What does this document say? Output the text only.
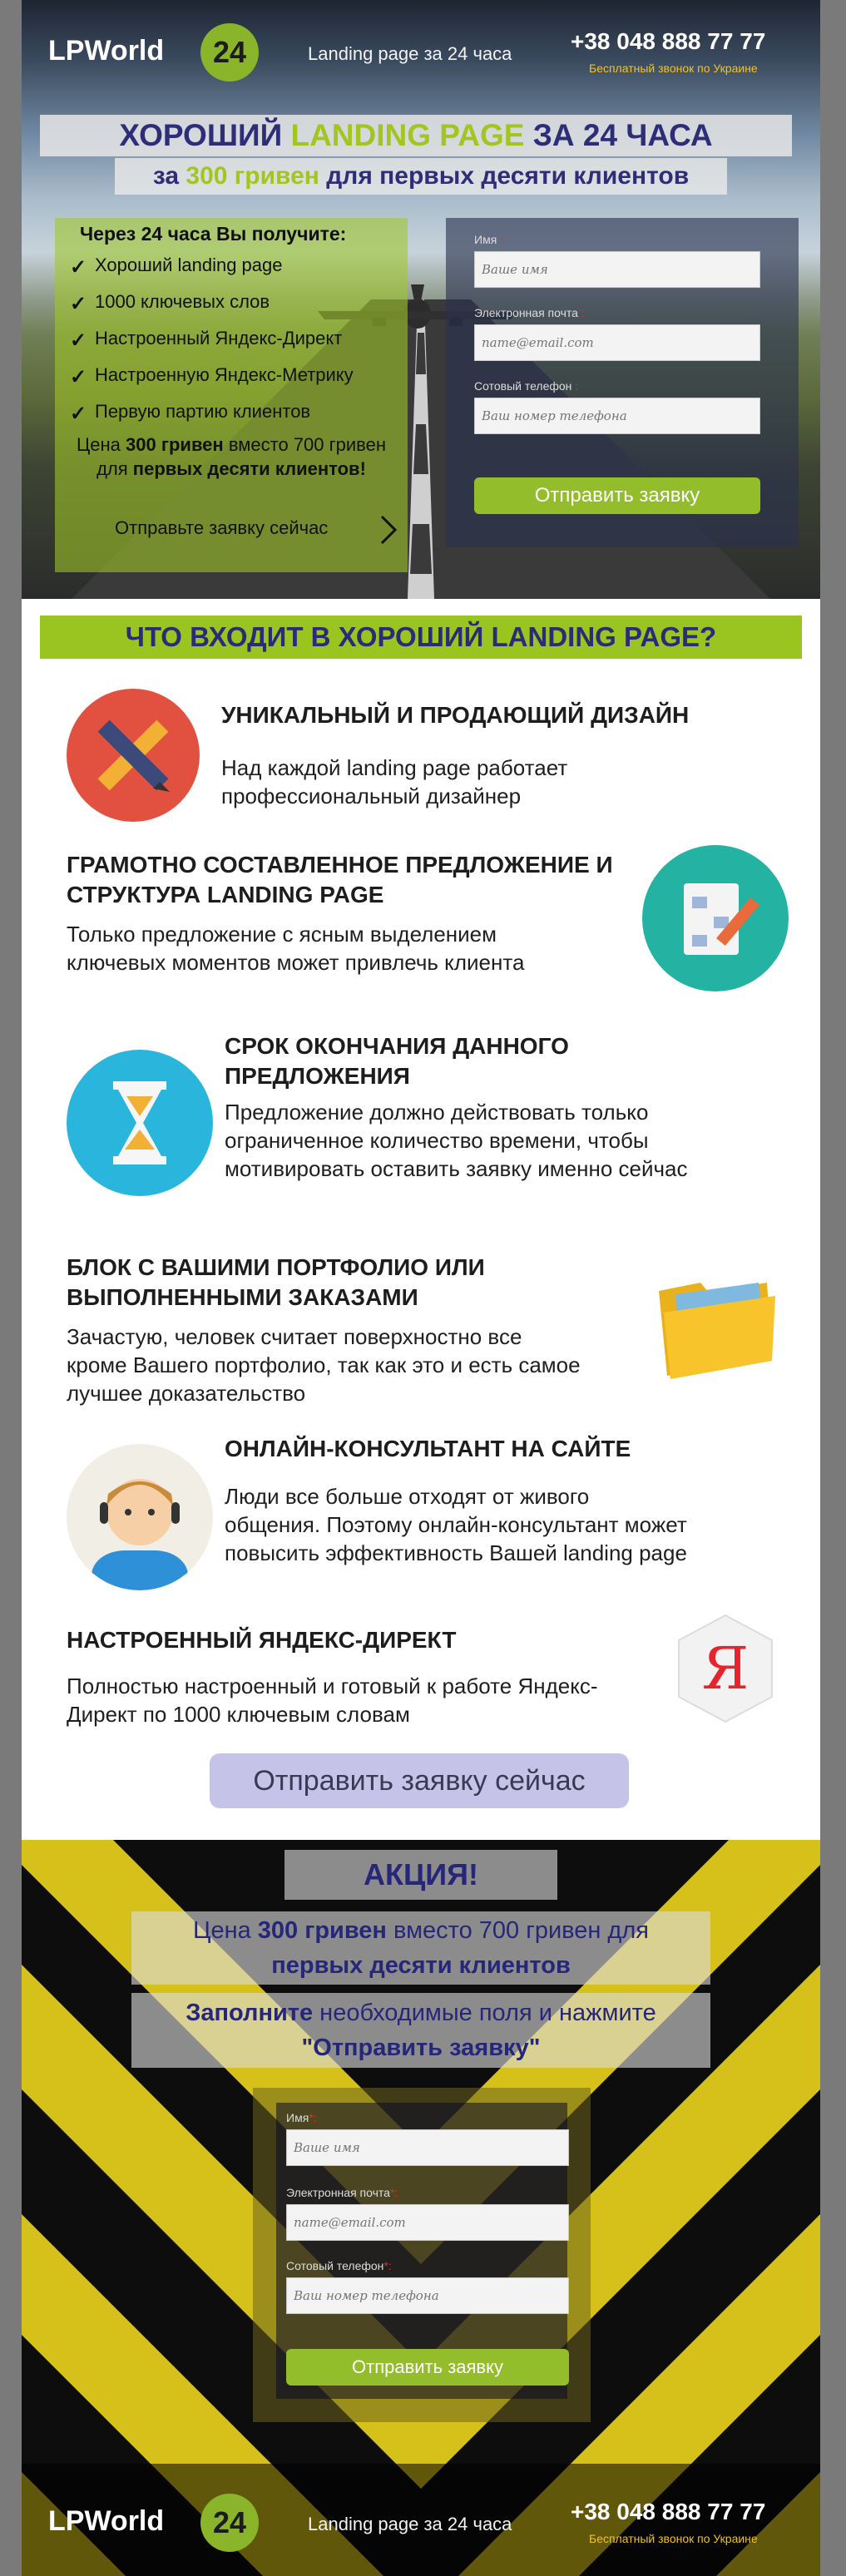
LPWorld	24	Landing page за 24 часа	+38 048 888 77 77
Бесплатный звонок по Украине
ХОРОШИЙ LANDING PAGE ЗА 24 ЧАСА
за 300 гривен для первых десяти клиентов
Через 24 часа Вы получите:
✓ Хороший landing page
✓ 1000 ключевых слов
✓ Настроенный Яндекс-Директ
✓ Настроенную Яндекс-Метрику
✓ Первую партию клиентов
Цена 300 гривен вместо 700 гривен для первых десяти клиентов!
Отправьте заявку сейчас
Имя :
Ваше имя
Электронная почта :
name@email.com
Сотовый телефон :
Ваш номер телефона
Отправить заявку
ЧТО ВХОДИТ В ХОРОШИЙ LANDING PAGE?
УНИКАЛЬНЫЙ И ПРОДАЮЩИЙ ДИЗАЙН

Над каждой landing page работает профессиональный дизайнер

ГРАМОТНО СОСТАВЛЕННОЕ ПРЕДЛОЖЕНИЕ И СТРУКТУРА LANDING PAGE

Только предложение с ясным выделением ключевых моментов может привлечь клиента

СРОК ОКОНЧАНИЯ ДАННОГО ПРЕДЛОЖЕНИЯ

Предложение должно действовать только ограниченное количество времени, чтобы мотивировать оставить заявку именно сейчас

БЛОК С ВАШИМИ ПОРТФОЛИО ИЛИ ВЫПОЛНЕННЫМИ ЗАКАЗАМИ

Зачастую, человек считает поверхностно все кроме Вашего портфолио, так как это и есть самое лучшее доказательство

ОНЛАЙН-КОНСУЛЬТАНТ НА САЙТЕ

Люди все больше отходят от живого общения. Поэтому онлайн-консультант может повысить эффективность Вашей landing page

НАСТРОЕННЫЙ ЯНДЕКС-ДИРЕКТ

Полностью настроенный и готовый к работе Яндекс-Директ по 1000 ключевым словам

Я
Отправить заявку сейчас
АКЦИЯ!
Цена 300 гривен вместо 700 гривен для
первых десяти клиентов
Заполните необходимые поля и нажмите
"Отправить заявку"
Имя*:
Ваше имя
Электронная почта*:
name@email.com
Сотовый телефон*:
Ваш номер телефона
Отправить заявку
LPWorld	24	Landing page за 24 часа	+38 048 888 77 77
Бесплатный звонок по Украине
